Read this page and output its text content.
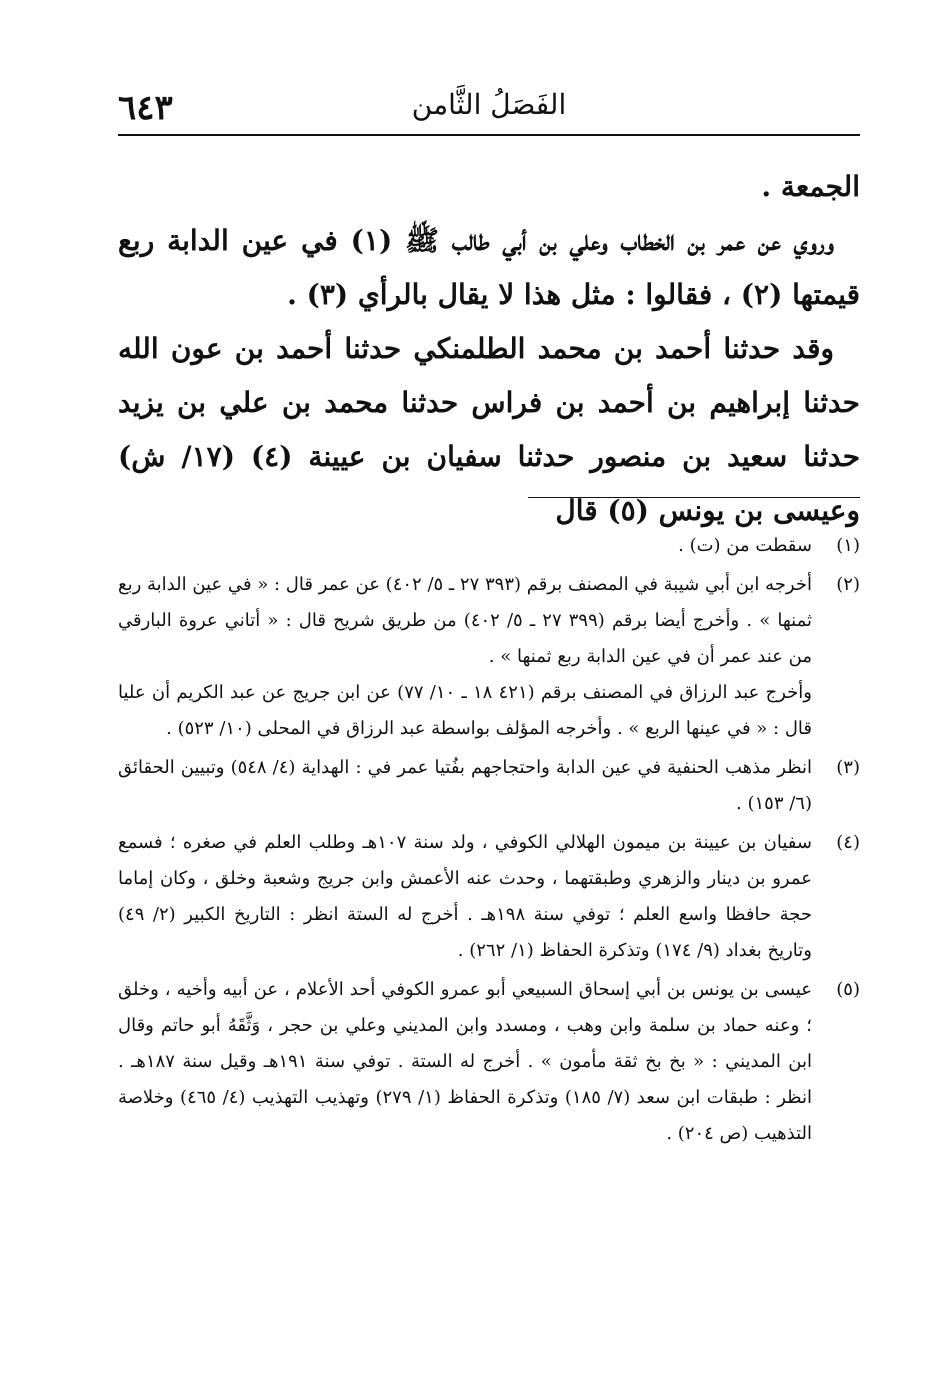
٦٤٣	الفَصَلُ الثَّامن

الجمعة .

وروي عن عمر بن الخطاب وعلي بن أبي طالب ﷺ (١) في عين الدابة ربع قيمتها (٢) ، فقالوا : مثل هذا لا يقال بالرأي (٣) .

وقد حدثنا أحمد بن محمد الطلمنكي حدثنا أحمد بن عون الله حدثنا إبراهيم بن أحمد بن فراس حدثنا محمد بن علي بن يزيد حدثنا سعيد بن منصور حدثنا سفيان بن عيينة (٤) (١٧/ ش) وعيسى بن يونس (٥) قال

(١)

سقطت من (ت) .

(٢)

أخرجه ابن أبي شيبة في المصنف برقم (٣٩٣ ٢٧ ـ ٥/ ٤٠٢) عن عمر قال : « في عين الدابة ربع ثمنها » . وأخرج أيضا برقم (٣٩٩ ٢٧ ـ ٥/ ٤٠٢) من طريق شريح قال : « أتاني عروة البارقي من عند عمر أن في عين الدابة ربع ثمنها » .

وأخرج عبد الرزاق في المصنف برقم (٤٢١ ١٨ ـ ١٠/ ٧٧) عن ابن جريج عن عبد الكريم أن عليا قال : « في عينها الربع » . وأخرجه المؤلف بواسطة عبد الرزاق في المحلى (١٠/ ٥٢٣) .

(٣)

انظر مذهب الحنفية في عين الدابة واحتجاجهم بفُتيا عمر في : الهداية (٤/ ٥٤٨) وتبيين الحقائق (٦/ ١٥٣) .

(٤)

سفيان بن عيينة بن ميمون الهلالي الكوفي ، ولد سنة ١٠٧هـ وطلب العلم في صغره ؛ فسمع عمرو بن دينار والزهري وطبقتهما ، وحدث عنه الأعمش وابن جريج وشعبة وخلق ، وكان إماما حجة حافظا واسع العلم ؛ توفي سنة ١٩٨هـ . أخرج له الستة انظر : التاريخ الكبير (٢/ ٤٩) وتاريخ بغداد (٩/ ١٧٤) وتذكرة الحفاظ (١/ ٢٦٢) .

(٥)

عيسى بن يونس بن أبي إسحاق السبيعي أبو عمرو الكوفي أحد الأعلام ، عن أبيه وأخيه ، وخلق ؛ وعنه حماد بن سلمة وابن وهب ، ومسدد وابن المديني وعلي بن حجر ، وَثَّقَهُ أبو حاتم وقال ابن المديني : « بخ بخ ثقة مأمون » . أخرج له الستة . توفي سنة ١٩١هـ وقيل سنة ١٨٧هـ . انظر : طبقات ابن سعد (٧/ ١٨٥) وتذكرة الحفاظ (١/ ٢٧٩) وتهذيب التهذيب (٤/ ٤٦٥) وخلاصة التذهيب (ص ٢٠٤) .
